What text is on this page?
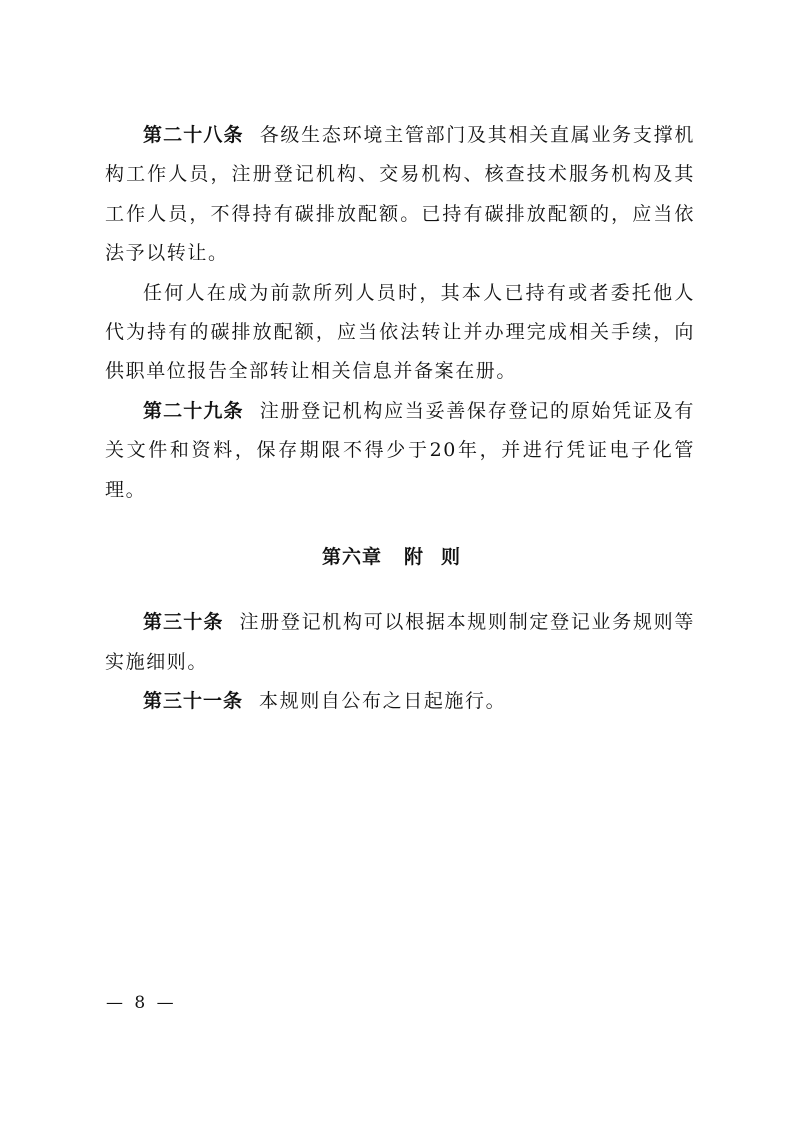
第二十八条 各级生态环境主管部门及其相关直属业务支撑机构工作人员，注册登记机构、交易机构、核查技术服务机构及其工作人员，不得持有碳排放配额。已持有碳排放配额的，应当依法予以转让。

任何人在成为前款所列人员时，其本人已持有或者委托他人代为持有的碳排放配额，应当依法转让并办理完成相关手续，向供职单位报告全部转让相关信息并备案在册。

第二十九条 注册登记机构应当妥善保存登记的原始凭证及有关文件和资料，保存期限不得少于20年，并进行凭证电子化管理。

第六章 附则

第三十条 注册登记机构可以根据本规则制定登记业务规则等实施细则。

第三十一条 本规则自公布之日起施行。

— 8 —
